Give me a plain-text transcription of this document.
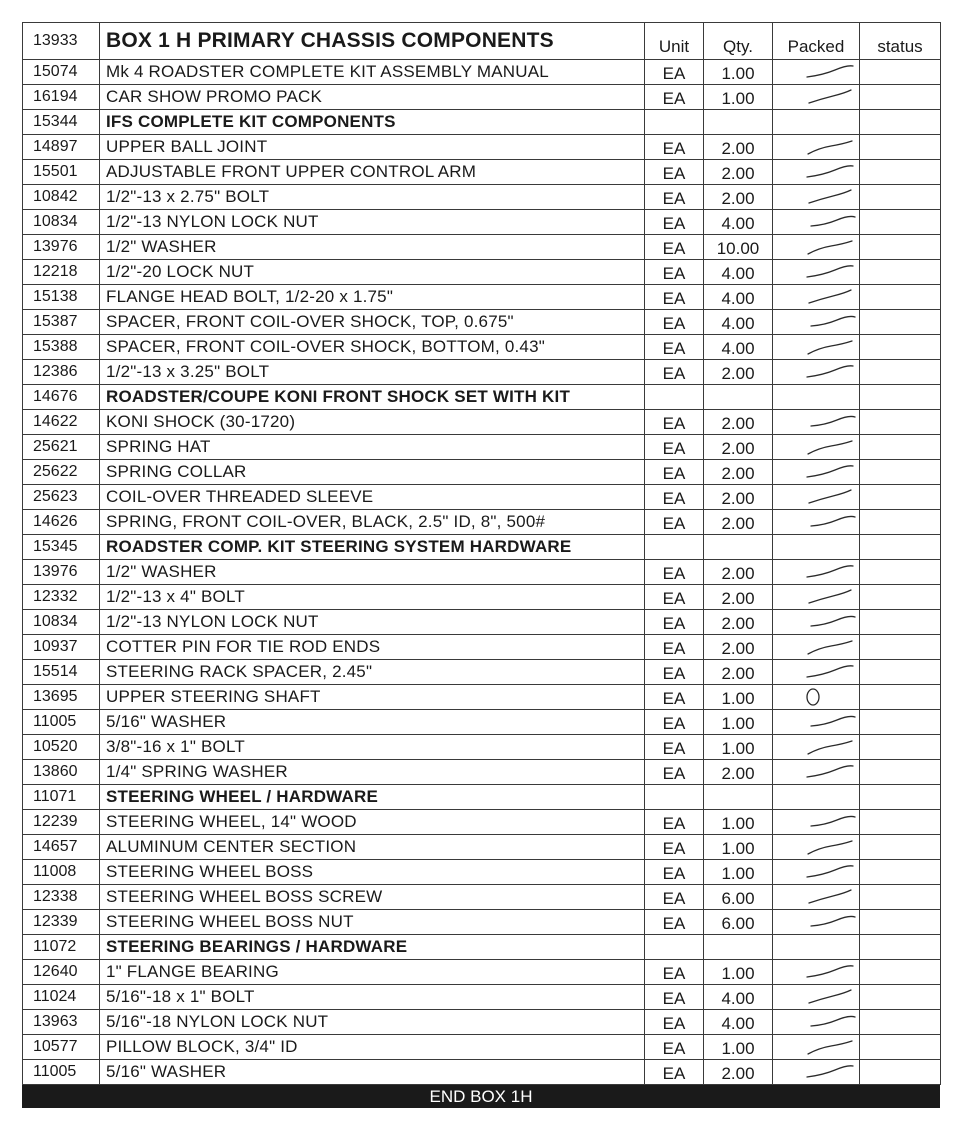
13933	BOX 1 H PRIMARY CHASSIS COMPONENTS	Unit	Qty.	Packed	status
15074	Mk 4 ROADSTER COMPLETE KIT ASSEMBLY MANUAL	EA	1.00	

16194	CAR SHOW PROMO PACK	EA	1.00	

15344	IFS COMPLETE KIT COMPONENTS				
14897	UPPER BALL JOINT	EA	2.00	

15501	ADJUSTABLE FRONT UPPER CONTROL ARM	EA	2.00	

10842	1/2"-13 x 2.75" BOLT	EA	2.00	

10834	1/2"-13 NYLON LOCK NUT	EA	4.00	

13976	1/2" WASHER	EA	10.00	

12218	1/2"-20 LOCK NUT	EA	4.00	

15138	FLANGE HEAD BOLT, 1/2-20 x 1.75"	EA	4.00	

15387	SPACER, FRONT COIL-OVER SHOCK, TOP, 0.675"	EA	4.00	

15388	SPACER, FRONT COIL-OVER SHOCK, BOTTOM, 0.43"	EA	4.00	

12386	1/2"-13 x 3.25" BOLT	EA	2.00	

14676	ROADSTER/COUPE KONI FRONT SHOCK SET WITH KIT				
14622	KONI SHOCK (30-1720)	EA	2.00	

25621	SPRING HAT	EA	2.00	

25622	SPRING COLLAR	EA	2.00	

25623	COIL-OVER THREADED SLEEVE	EA	2.00	

14626	SPRING, FRONT COIL-OVER, BLACK, 2.5" ID, 8", 500#	EA	2.00	

15345	ROADSTER COMP. KIT STEERING SYSTEM HARDWARE				
13976	1/2" WASHER	EA	2.00	

12332	1/2"-13 x 4" BOLT	EA	2.00	

10834	1/2"-13 NYLON LOCK NUT	EA	2.00	

10937	COTTER PIN FOR TIE ROD ENDS	EA	2.00	

15514	STEERING RACK SPACER, 2.45"	EA	2.00	

13695	UPPER STEERING SHAFT	EA	1.00	

11005	5/16" WASHER	EA	1.00	

10520	3/8"-16 x 1" BOLT	EA	1.00	

13860	1/4" SPRING WASHER	EA	2.00	

11071	STEERING WHEEL / HARDWARE				
12239	STEERING WHEEL, 14" WOOD	EA	1.00	

14657	ALUMINUM CENTER SECTION	EA	1.00	

11008	STEERING WHEEL BOSS	EA	1.00	

12338	STEERING WHEEL BOSS SCREW	EA	6.00	

12339	STEERING WHEEL BOSS NUT	EA	6.00	

11072	STEERING BEARINGS / HARDWARE				
12640	1" FLANGE BEARING	EA	1.00	

11024	5/16"-18 x 1" BOLT	EA	4.00	

13963	5/16"-18 NYLON LOCK NUT	EA	4.00	

10577	PILLOW BLOCK, 3/4" ID	EA	1.00	

11005	5/16" WASHER	EA	2.00	

END BOX 1H
